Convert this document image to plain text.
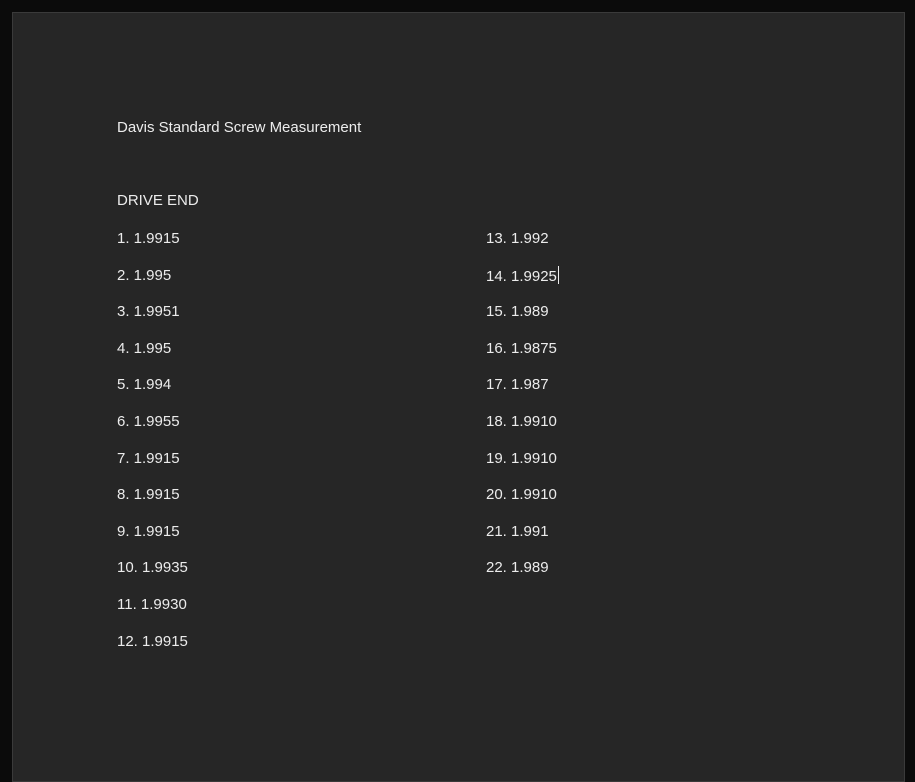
Davis Standard Screw Measurement
DRIVE END
1. 1.9915
2. 1.995
3. 1.9951
4. 1.995
5. 1.994
6. 1.9955
7. 1.9915
8. 1.9915
9. 1.9915
10. 1.9935
11. 1.9930
12. 1.9915
13. 1.992
14. 1.9925
15. 1.989
16. 1.9875
17. 1.987
18. 1.9910
19. 1.9910
20. 1.9910
21. 1.991
22. 1.989
